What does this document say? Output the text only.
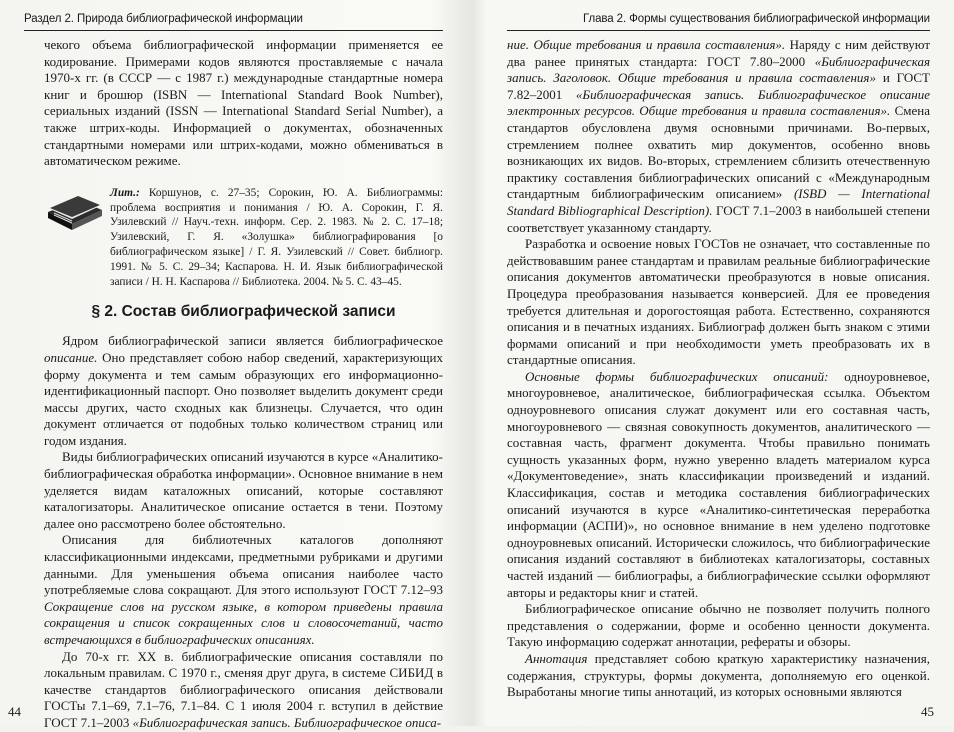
Раздел 2. Природа библиографической информации

чекого объема библиографической информации применяется ее кодирование. Примерами кодов являются проставляемые с начала 1970-х гг. (в СССР — с 1987 г.) международные стандартные номера книг и брошюр (ISBN — International Standard Book Number), сериальных изданий (ISSN — International Standard Serial Number), а также штрих-коды. Информацией о документах, обозначенных стандартными номерами или штрих-кодами, можно обмениваться в автоматическом режиме.

Лит.: Коршунов, с. 27–35; Сорокин, Ю. А. Библиограммы: проблема восприятия и понимания / Ю. А. Сорокин, Г. Я. Узилевский // Науч.-техн. информ. Сер. 2. 1983. № 2. С. 17–18; Узилевский, Г. Я. «Золушка» библиографирования [о библиографическом языке] / Г. Я. Узилевский // Совет. библиогр. 1991. № 5. С. 29–34; Каспарова. Н. И. Язык библиографической записи / Н. Н. Каспарова // Библиотека. 2004. № 5. С. 43–45.
§ 2. Состав библиографической записи

Ядром библиографической записи является библиографическое описание. Оно представляет собою набор сведений, характеризующих форму документа и тем самым образующих его информационно-идентификационный паспорт. Оно позволяет выделить документ среди массы других, часто сходных как близнецы. Случается, что один документ отличается от подобных только количеством страниц или годом издания.

Виды библиографических описаний изучаются в курсе «Аналитико-библиографическая обработка информации». Основное внимание в нем уделяется видам каталожных описаний, которые составляют каталогизаторы. Аналитическое описание остается в тени. Поэтому далее оно рассмотрено более обстоятельно.

Описания для библиотечных каталогов дополняют классификационными индексами, предметными рубриками и другими данными. Для уменьшения объема описания наиболее часто употребляемые слова сокращают. Для этого используют ГОСТ 7.12–93 Сокращение слов на русском языке, в котором приведены правила сокращения и список сокращенных слов и словосочетаний, часто встречающихся в библиографических описаниях.

До 70-х гг. XX в. библиографические описания составляли по локальным правилам. С 1970 г., сменяя друг друга, в системе СИБИД в качестве стандартов библиографического описания действовали ГОСТы 7.1–69, 7.1–76, 7.1–84. С 1 июля 2004 г. вступил в действие ГОСТ 7.1–2003 «Библиографическая запись. Библиографическое описа-

44
Глава 2. Формы существования библиографической информации

ние. Общие требования и правила составления». Наряду с ним действуют два ранее принятых стандарта: ГОСТ 7.80–2000 «Библиографическая запись. Заголовок. Общие требования и правила составления» и ГОСТ 7.82–2001 «Библиографическая запись. Библиографическое описание электронных ресурсов. Общие требования и правила составления». Смена стандартов обусловлена двумя основными причинами. Во-первых, стремлением полнее охватить мир документов, особенно вновь возникающих их видов. Во-вторых, стремлением сблизить отечественную практику составления библиографических описаний с «Международным стандартным библиографическим описанием» (ISBD — International Standard Bibliographical Description). ГОСТ 7.1–2003 в наибольшей степени соответствует указанному стандарту.

Разработка и освоение новых ГОСТов не означает, что составленные по действовавшим ранее стандартам и правилам реальные библиографические описания документов автоматически преобразуются в новые описания. Процедура преобразования называется конверсией. Для ее проведения требуется длительная и дорогостоящая работа. Естественно, сохраняются описания и в печатных изданиях. Библиограф должен быть знаком с этими формами описаний и при необходимости уметь преобразовать их в стандартные описания.

Основные формы библиографических описаний: одноуровневое, многоуровневое, аналитическое, библиографическая ссылка. Объектом одноуровневого описания служат документ или его составная часть, многоуровневого — связная совокупность документов, аналитического — составная часть, фрагмент документа. Чтобы правильно понимать сущность указанных форм, нужно уверенно владеть материалом курса «Документоведение», знать классификации произведений и изданий. Классификация, состав и методика составления библиографических описаний изучаются в курсе «Аналитико-синтетическая переработка информации (АСПИ)», но основное внимание в нем уделено подготовке одноуровневых описаний. Исторически сложилось, что библиографические описания изданий составляют в библиотеках каталогизаторы, составных частей изданий — библиографы, а библиографические ссылки оформляют авторы и редакторы книг и статей.

Библиографическое описание обычно не позволяет получить полного представления о содержании, форме и особенно ценности документа. Такую информацию содержат аннотации, рефераты и обзоры.

Аннотация представляет собою краткую характеристику назначения, содержания, структуры, формы документа, дополняемую его оценкой. Выработаны многие типы аннотаций, из которых основными являются

45
